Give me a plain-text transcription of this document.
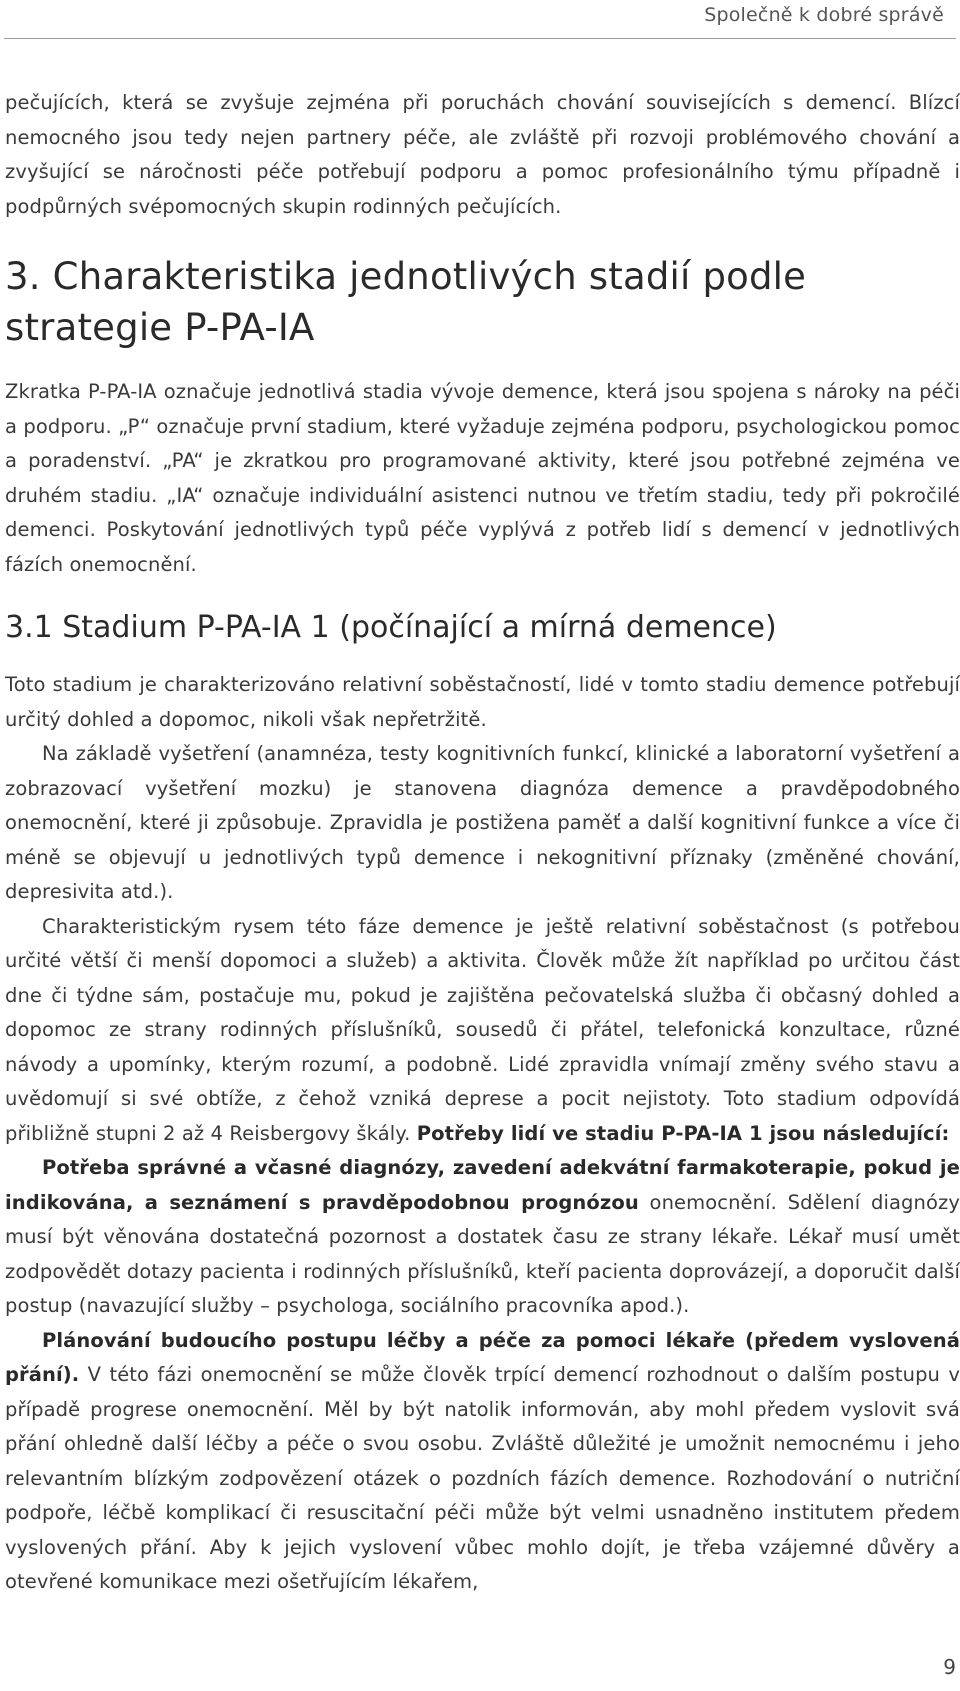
Společně k dobré správě

pečujících, která se zvyšuje zejména při poruchách chování souvisejících s demencí. Blízcí nemocného jsou tedy nejen partnery péče, ale zvláště při rozvoji problémového chování a zvyšující se náročnosti péče potřebují podporu a pomoc profesionálního týmu případně i podpůrných svépomocných skupin rodinných pečujících.

3. Charakteristika jednotlivých stadií podle strategie P-PA-IA

Zkratka P-PA-IA označuje jednotlivá stadia vývoje demence, která jsou spojena s nároky na péči a podporu. „P“ označuje první stadium, které vyžaduje zejména podporu, psychologickou pomoc a poradenství. „PA“ je zkratkou pro programované aktivity, které jsou potřebné zejména ve druhém stadiu. „IA“ označuje individuální asistenci nutnou ve třetím stadiu, tedy při pokročilé demenci. Poskytování jednotlivých typů péče vyplývá z potřeb lidí s demencí v jednotlivých fázích onemocnění.

3.1 Stadium P-PA-IA 1 (počínající a mírná demence)

Toto stadium je charakterizováno relativní soběstačností, lidé v tomto stadiu demence potřebují určitý dohled a dopomoc, nikoli však nepřetržitě.

Na základě vyšetření (anamnéza, testy kognitivních funkcí, klinické a laboratorní vyšetření a zobrazovací vyšetření mozku) je stanovena diagnóza demence a pravděpodobného onemocnění, které ji způsobuje. Zpravidla je postižena paměť a další kognitivní funkce a více či méně se objevují u jednotlivých typů demence i nekognitivní příznaky (změněné chování, depresivita atd.).

Charakteristickým rysem této fáze demence je ještě relativní soběstačnost (s potřebou určité větší či menší dopomoci a služeb) a aktivita. Člověk může žít například po určitou část dne či týdne sám, postačuje mu, pokud je zajištěna pečovatelská služba či občasný dohled a dopomoc ze strany rodinných příslušníků, sousedů či přátel, telefonická konzultace, různé návody a upomínky, kterým rozumí, a podobně. Lidé zpravidla vnímají změny svého stavu a uvědomují si své obtíže, z čehož vzniká deprese a pocit nejistoty. Toto stadium odpovídá přibližně stupni 2 až 4 Reisbergovy škály. Potřeby lidí ve stadiu P-PA-IA 1 jsou následující:

Potřeba správné a včasné diagnózy, zavedení adekvátní farmakoterapie, pokud je indikována, a seznámení s pravděpodobnou prognózou onemocnění. Sdělení diagnózy musí být věnována dostatečná pozornost a dostatek času ze strany lékaře. Lékař musí umět zodpovědět dotazy pacienta i rodinných příslušníků, kteří pacienta doprovázejí, a doporučit další postup (navazující služby – psychologa, sociálního pracovníka apod.).

Plánování budoucího postupu léčby a péče za pomoci lékaře (předem vyslovená přání). V této fázi onemocnění se může člověk trpící demencí rozhodnout o dalším postupu v případě progrese onemocnění. Měl by být natolik informován, aby mohl předem vyslovit svá přání ohledně další léčby a péče o svou osobu. Zvláště důležité je umožnit nemocnému i jeho relevantním blízkým zodpovězení otázek o pozdních fázích demence. Rozhodování o nutriční podpoře, léčbě komplikací či resuscitační péči může být velmi usnadněno institutem předem vyslovených přání. Aby k jejich vyslovení vůbec mohlo dojít, je třeba vzájemné důvěry a otevřené komunikace mezi ošetřujícím lékařem,

9
